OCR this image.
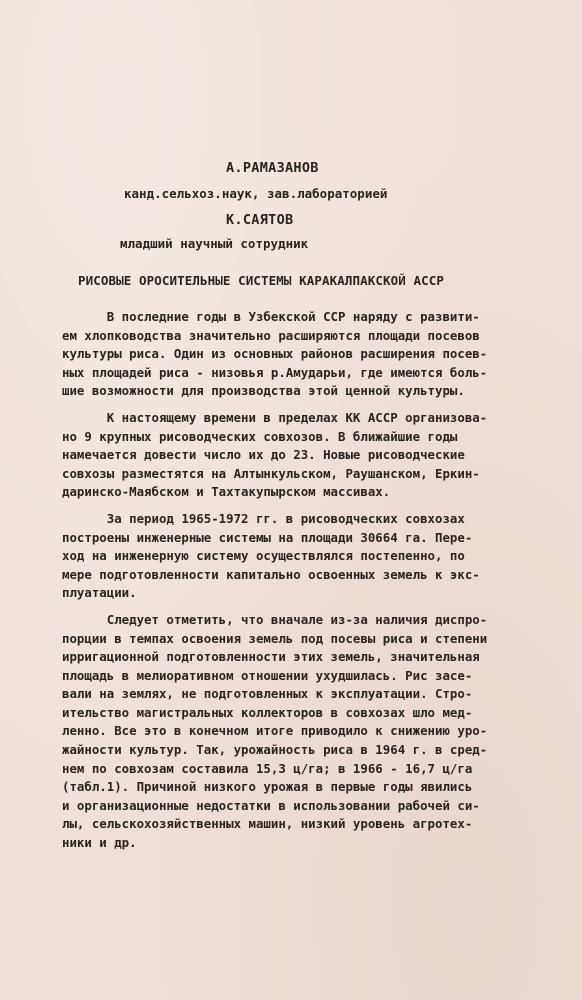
А.РАМАЗАНОВ
канд.сельхоз.наук, зав.лабораторией
К.САЯТОВ
младший научный сотрудник
РИСОВЫЕ ОРОСИТЕЛЬНЫЕ СИСТЕМЫ КАРАКАЛПАКСКОЙ АССР
В последние годы в Узбекской ССР наряду с развити-
ем хлопководства значительно расширяются площади посевов
культуры риса. Один из основных районов расширения посев-
ных площадей риса - низовья р.Амударьи, где имеются боль-
шие возможности для производства этой ценной культуры.
К настоящему времени в пределах КК АССР организова-
но 9 крупных рисоводческих совхозов. В ближайшие годы
намечается довести число их до 23. Новые рисоводческие
совхозы разместятся на Алтынкульском, Раушанском, Еркин-
даринско-Маябском и Тахтакупырском массивах.
За период 1965-1972 гг. в рисоводческих совхозах
построены инженерные системы на площади 30664 га. Пере-
ход на инженерную систему осуществлялся постепенно, по
мере подготовленности капитально освоенных земель к экс-
плуатации.
Следует отметить, что вначале из-за наличия диспро-
порции в темпах освоения земель под посевы риса и степени
ирригационной подготовленности этих земель, значительная
площадь в мелиоративном отношении ухудшилась. Рис засе-
вали на землях, не подготовленных к эксплуатации. Стро-
ительство магистральных коллекторов в совхозах шло мед-
ленно. Все это в конечном итоге приводило к снижению уро-
жайности культур. Так, урожайность риса в 1964 г. в сред-
нем по совхозам составила 15,3 ц/га; в 1966 - 16,7 ц/га
(табл.1). Причиной низкого урожая в первые годы явились
и организационные недостатки в использовании рабочей си-
лы, сельскохозяйственных машин, низкий уровень агротех-
ники и др.
